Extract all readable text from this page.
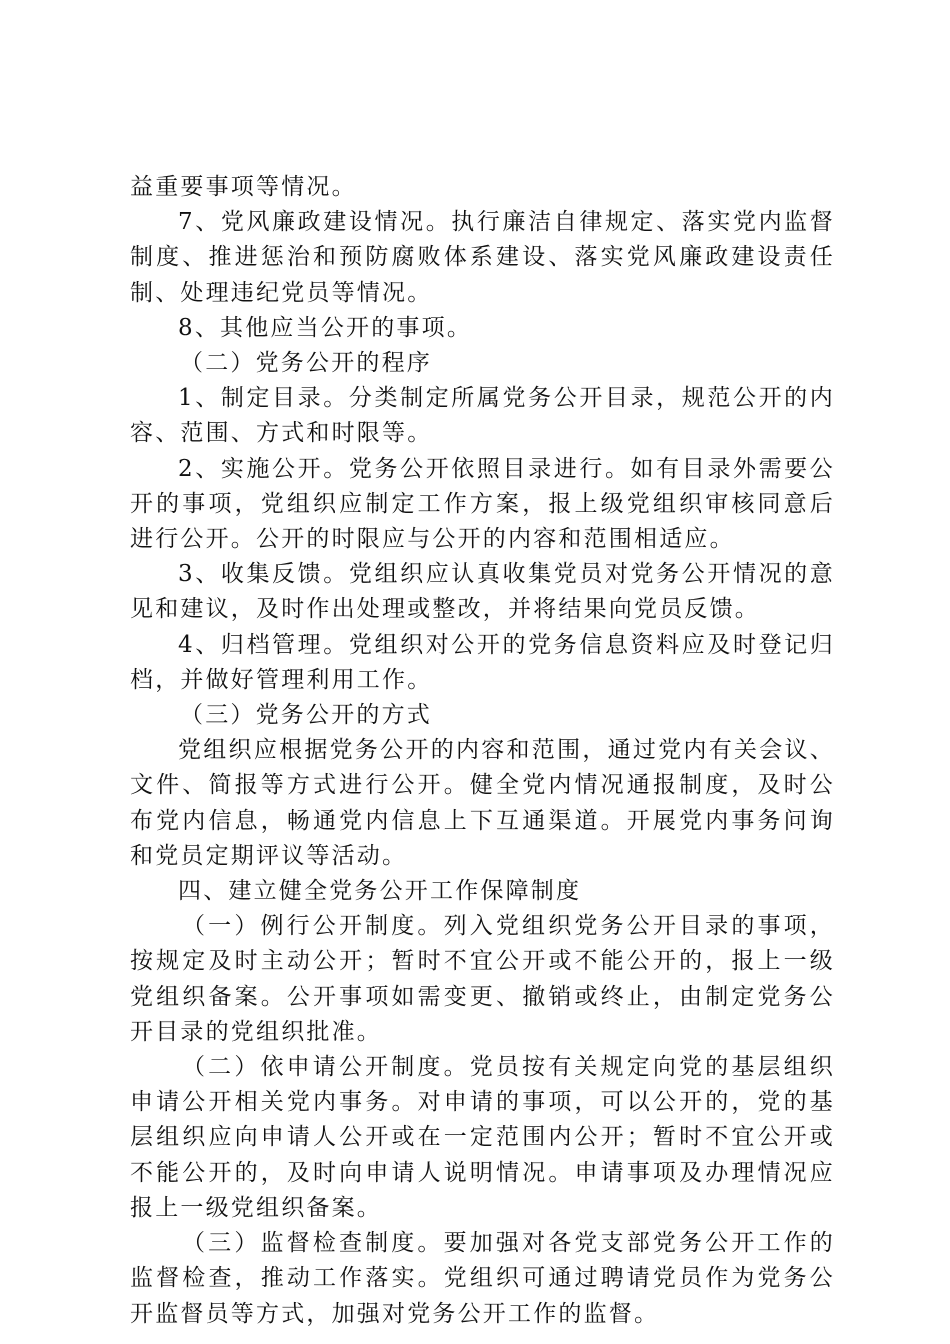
益重要事项等情况。

7、党风廉政建设情况。执行廉洁自律规定、落实党内监督制度、推进惩治和预防腐败体系建设、落实党风廉政建设责任制、处理违纪党员等情况。

8、其他应当公开的事项。

（二）党务公开的程序

1、制定目录。分类制定所属党务公开目录，规范公开的内容、范围、方式和时限等。

2、实施公开。党务公开依照目录进行。如有目录外需要公开的事项，党组织应制定工作方案，报上级党组织审核同意后进行公开。公开的时限应与公开的内容和范围相适应。

3、收集反馈。党组织应认真收集党员对党务公开情况的意见和建议，及时作出处理或整改，并将结果向党员反馈。

4、归档管理。党组织对公开的党务信息资料应及时登记归档，并做好管理利用工作。

（三）党务公开的方式

党组织应根据党务公开的内容和范围，通过党内有关会议、文件、简报等方式进行公开。健全党内情况通报制度，及时公布党内信息，畅通党内信息上下互通渠道。开展党内事务问询和党员定期评议等活动。

四、建立健全党务公开工作保障制度

（一）例行公开制度。列入党组织党务公开目录的事项，按规定及时主动公开；暂时不宜公开或不能公开的，报上一级党组织备案。公开事项如需变更、撤销或终止，由制定党务公开目录的党组织批准。

（二）依申请公开制度。党员按有关规定向党的基层组织申请公开相关党内事务。对申请的事项，可以公开的，党的基层组织应向申请人公开或在一定范围内公开；暂时不宜公开或不能公开的，及时向申请人说明情况。申请事项及办理情况应报上一级党组织备案。

（三）监督检查制度。要加强对各党支部党务公开工作的监督检查，推动工作落实。党组织可通过聘请党员作为党务公开监督员等方式，加强对党务公开工作的监督。
